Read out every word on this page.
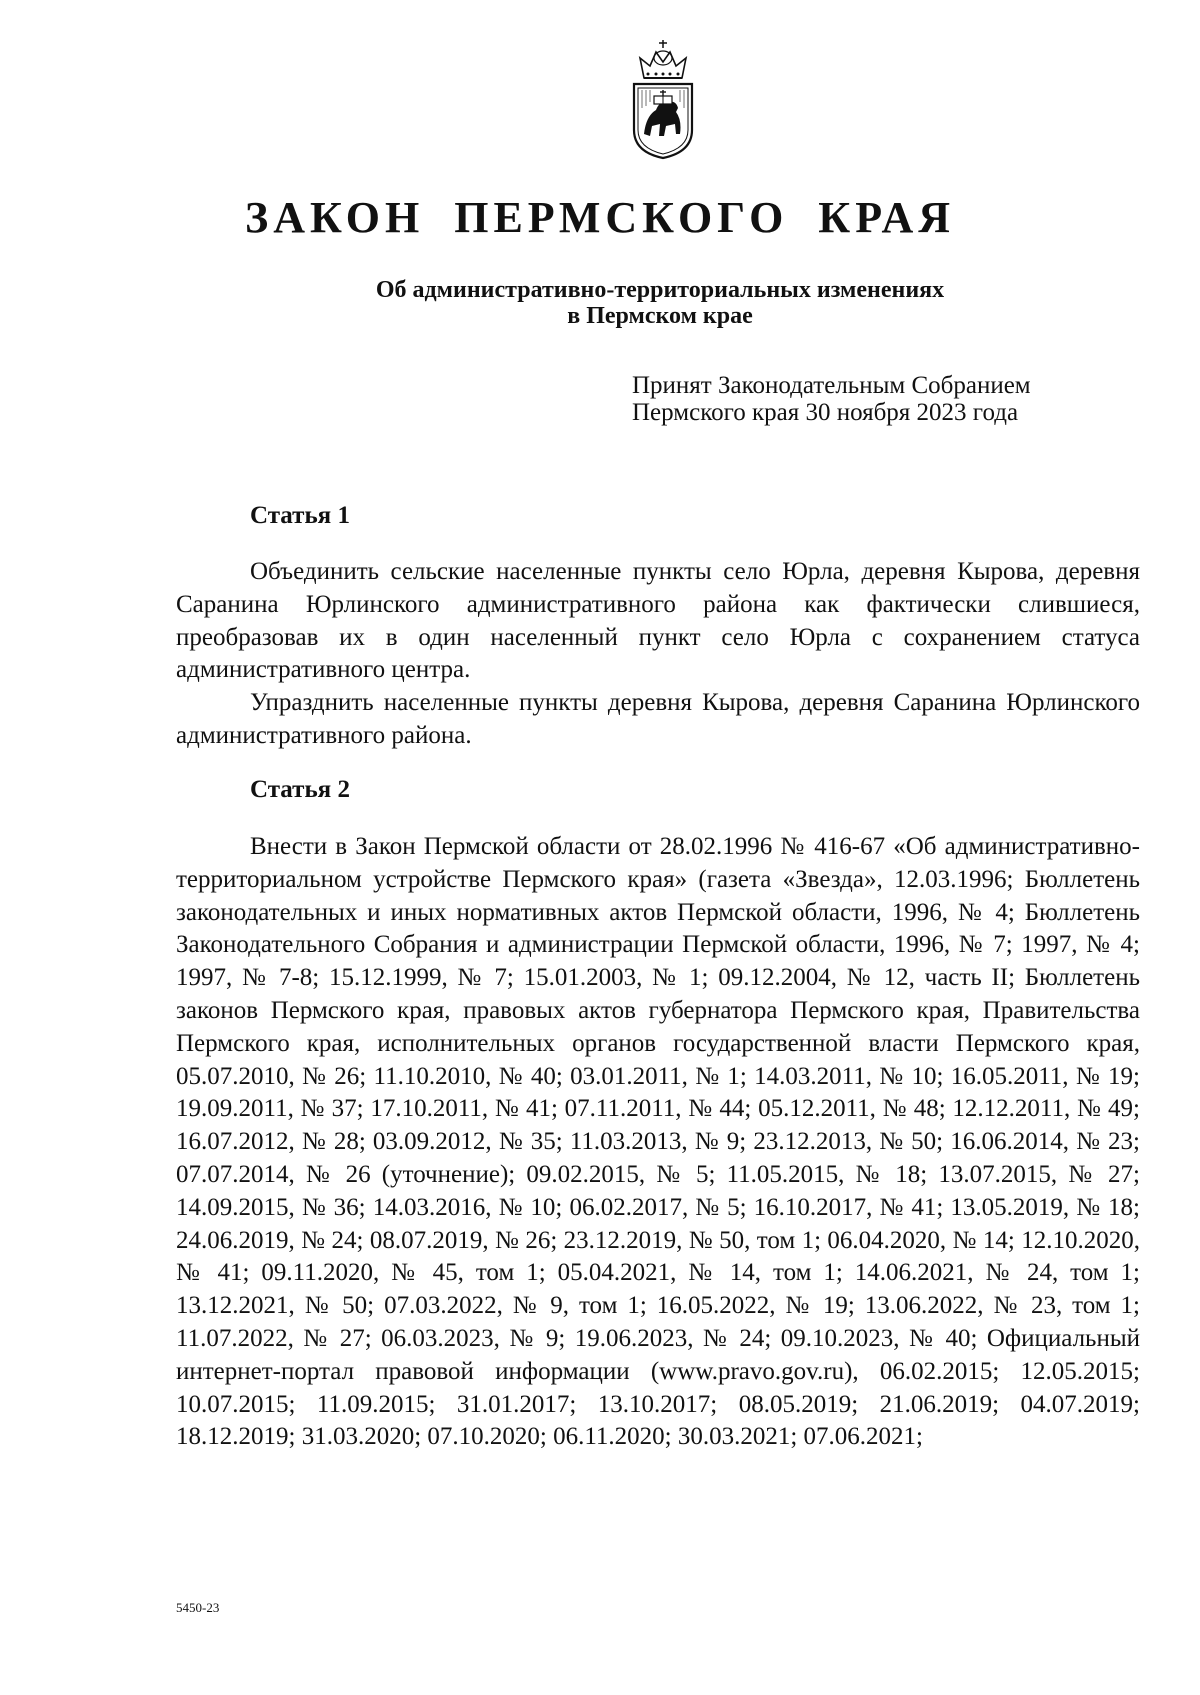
ЗАКОН ПЕРМСКОГО КРАЯ
Об административно-территориальных изменениях
в Пермском крае
Принят Законодательным Собранием
Пермского края 30 ноября 2023 года
Статья 1

Объединить сельские населенные пункты село Юрла, деревня Кырова, деревня Саранина Юрлинского административного района как фактически слившиеся, преобразовав их в один населенный пункт село Юрла с сохранением статуса административного центра.

Упразднить населенные пункты деревня Кырова, деревня Саранина Юрлинского административного района.

Статья 2

Внести в Закон Пермской области от 28.02.1996 № 416-67 «Об административно-территориальном устройстве Пермского края» (газета «Звезда», 12.03.1996; Бюллетень законодательных и иных нормативных актов Пермской области, 1996, № 4; Бюллетень Законодательного Собрания и администрации Пермской области, 1996, № 7; 1997, № 4; 1997, № 7-8; 15.12.1999, № 7; 15.01.2003, № 1; 09.12.2004, № 12, часть II; Бюллетень законов Пермского края, правовых актов губернатора Пермского края, Правительства Пермского края, исполнительных органов государственной власти Пермского края, 05.07.2010, № 26; 11.10.2010, № 40; 03.01.2011, № 1; 14.03.2011, № 10; 16.05.2011, № 19; 19.09.2011, № 37; 17.10.2011, № 41; 07.11.2011, № 44; 05.12.2011, № 48; 12.12.2011, № 49; 16.07.2012, № 28; 03.09.2012, № 35; 11.03.2013, № 9; 23.12.2013, № 50; 16.06.2014, № 23; 07.07.2014, № 26 (уточнение); 09.02.2015, № 5; 11.05.2015, № 18; 13.07.2015, № 27; 14.09.2015, № 36; 14.03.2016, № 10; 06.02.2017, № 5; 16.10.2017, № 41; 13.05.2019, № 18; 24.06.2019, № 24; 08.07.2019, № 26; 23.12.2019, № 50, том 1; 06.04.2020, № 14; 12.10.2020, № 41; 09.11.2020, № 45, том 1; 05.04.2021, № 14, том 1; 14.06.2021, № 24, том 1; 13.12.2021, № 50; 07.03.2022, № 9, том 1; 16.05.2022, № 19; 13.06.2022, № 23, том 1; 11.07.2022, № 27; 06.03.2023, № 9; 19.06.2023, № 24; 09.10.2023, № 40; Официальный интернет-портал правовой информации (www.pravo.gov.ru), 06.02.2015; 12.05.2015; 10.07.2015; 11.09.2015; 31.01.2017; 13.10.2017; 08.05.2019; 21.06.2019; 04.07.2019; 18.12.2019; 31.03.2020; 07.10.2020; 06.11.2020; 30.03.2021; 07.06.2021;

5450-23
